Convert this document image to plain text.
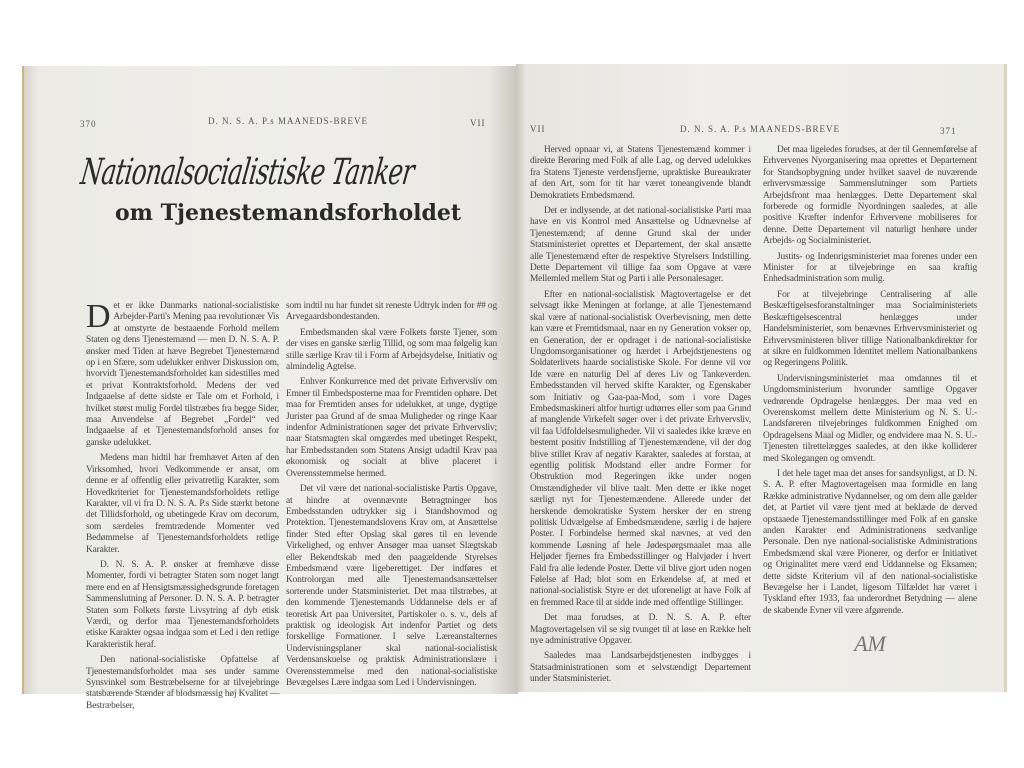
370	D. N. S. A. P.s MAANEDS-BREVE	VII
Nationalsocialistiske Tanker
om Tjenestemandsforholdet

Det er ikke Danmarks national-socialistiske Arbejder-Parti's Mening paa revolutionær Vis at omstyrte de bestaaende Forhold mellem Staten og dens Tjenestemænd — men D. N. S. A. P. ønsker med Tiden at hæve Begrebet Tjenestemænd op i en Sfære, som udelukker enhver Diskussion om, hvorvidt Tjenestemandsforholdet kan sidestilles med et privat Kontraktsforhold. Medens der ved Indgaaelse af dette sidste er Tale om et Forhold, i hvilket størst mulig Fordel tilstræbes fra begge Sider, maa Anvendelse af Begrebet „Fordel“ ved Indgaaelse af et Tjenestemandsforhold anses for ganske udelukket.

Medens man hidtil har fremhævet Arten af den Virksomhed, hvori Vedkommende er ansat, om denne er af offentlig eller privatretlig Karakter, som Hovedkriteriet for Tjenestemandsforholdets retlige Karakter, vil vi fra D. N. S. A. P.s Side stærkt betone det Tillidsforhold, og ubetingede Krav om decorum, som særdeles fremtrædende Momenter ved Bedømmelse af Tjenestemandsforholdets retlige Karakter.

D. N. S. A. P. ønsker at fremhæve disse Momenter, fordi vi betragter Staten som noget langt mere end en af Hensigtsmæssighedsgrunde foretagen Sammenslutning af Personer. D. N. S. A. P. betragter Staten som Folkets første Livsytring af dyb etisk Værdi, og derfor maa Tjenestemandsforholdets etiske Karakter ogsaa indgaa som et Led i den retlige Karakteristik heraf.

Den national-socialistiske Opfattelse af Tjenestemandsforholdet maa ses under samme Synsvinkel som Bestræbelserne for at tilvejebringe statsbærende Stænder af blodsmæssig høj Kvalitet — Bestræbelser,

som indtil nu har fundet sit reneste Udtryk inden for ## og Arvegaardsbondestanden.

Embedsmanden skal være Folkets første Tjener, som der vises en ganske særlig Tillid, og som maa følgelig kan stille særlige Krav til i Form af Arbejdsydelse, Initiativ og almindelig Agtelse.

Enhver Konkurrence med det private Erhvervsliv om Emner til Embedsposterne maa for Fremtiden ophøre. Det maa for Fremtiden anses for udelukket, at unge, dygtige Jurister paa Grund af de smaa Muligheder og ringe Kaar indenfor Administrationen søger det private Erhvervsliv; naar Statsmagten skal omgærdes med ubetinget Respekt, har Embedsstanden som Statens Ansigt udadtil Krav paa økonomisk og socialt at blive placeret i Overensstemmelse hermed.

Det vil være det national-socialistiske Partis Opgave, at hindre at ovennævnte Betragtninger hos Embedsstanden udtrykker sig i Standshovmod og Protektion. Tjenestemandslovens Krav om, at Ansættelse finder Sted efter Opslag skal gøres til en levende Virkelighed, og enhver Ansøger maa uanset Slægtskab eller Bekendtskab med den paagældende Styrelses Embedsmænd være ligeberettiget. Der indføres et Kontrolorgan med alle Tjenestemandsansættelser sorterende under Statsministeriet. Det maa tilstræbes, at den kommende Tjenestemands Uddannelse dels er af teoretisk Art paa Universitet, Partiskoler o. s. v., dels af praktisk og ideologisk Art indenfor Partiet og dets forskellige Formationer. I selve Læreanstalternes Undervisningsplaner skal national-socialistisk Verdensanskuelse og praktisk Administrationslære i Overensstemmelse med den national-socialistiske Bevægelses Lære indgaa som Led i Undervisningen.

VII	D. N. S. A. P.s MAANEDS-BREVE	371

Herved opnaar vi, at Statens Tjenestemænd kommer i direkte Berøring med Folk af alle Lag, og derved udelukkes fra Statens Tjeneste verdensfjerne, upraktiske Bureaukrater af den Art, som for tit har været toneangivende blandt Demokratiets Embedsmænd.

Det er indlysende, at det national-socialistiske Parti maa have en vis Kontrol med Ansættelse og Udnævnelse af Tjenestemænd; af denne Grund skal der under Statsministeriet oprettes et Departement, der skal ansætte alle Tjenestemænd efter de respektive Styrelsers Indstilling. Dette Departement vil tillige faa som Opgave at være Mellemled mellem Stat og Parti i alle Personalesager.

Efter en national-socialistisk Magtovertagelse er det selvsagt ikke Meningen at forlange, at alle Tjenestemænd skal være af national-socialistisk Overbevisning, men dette kan være et Fremtidsmaal, naar en ny Generation vokser op, en Generation, der er opdraget i de national-socialistiske Ungdomsorganisationer og hærdet i Arbejdstjenestens og Soldaterlivets haarde socialistiske Skole. For denne vil vor Ide være en naturlig Del af deres Liv og Tankeverden. Embedsstanden vil herved skifte Karakter, og Egenskaber som Initiativ og Gaa-paa-Mod, som i vore Dages Embedsmaskineri altfor hurtigt udtørres eller som paa Grund af manglende Virkefelt søger over i det private Erhvervsliv, vil faa Udfoldelsesmuligheder. Vil vi saaledes ikke kræve en bestemt positiv Indstilling af Tjenestemændene, vil der dog blive stillet Krav af negativ Karakter, saaledes at forstaa, at egentlig politisk Modstand eller andre Former for Obstruktion mod Regeringen ikke under nogen Omstændigheder vil blive taalt. Men dette er ikke noget særligt nyt for Tjenestemændene. Allerede under det herskende demokratiske System hersker der en streng politisk Udvælgelse af Embedsmændene, særlig i de højere Poster. I Forbindelse hermed skal nævnes, at ved den kommende Løsning af hele Jødespørgsmaalet maa alle Heljøder fjernes fra Embedsstillinger og Halvjøder i hvert Fald fra alle ledende Poster. Dette vil blive gjort uden nogen Følelse af Had; blot som en Erkendelse af, at med et national-socialistisk Styre er det uforeneligt at have Folk af en fremmed Race til at sidde inde med offentlige Stillinger.

Det maa forudses, at D. N. S. A. P. efter Magtovertagelsen vil se sig tvunget til at løse en Række helt nye administrative Opgaver.

Saaledes maa Landsarbejdstjenesten indbygges i Statsadministrationen som et selvstændigt Departement under Statsministeriet.

Det maa ligeledes forudses, at der til Gennemførelse af Erhvervenes Nyorganisering maa oprettes et Departement for Standsopbygning under hvilket saavel de nuværende erhvervsmæssige Sammenslutninger som Partiets Arbejdsfront maa henlægges. Dette Departement skal forberede og formidle Nyordningen saaledes, at alle positive Kræfter indenfor Erhvervene mobiliseres for denne. Dette Departement vil naturligt henhøre under Arbejds- og Socialministeriet.

Justits- og Indenrigsministeriet maa forenes under een Minister for at tilvejebringe en saa kraftig Enhedsadministration som mulig.

For at tilvejebringe Centralisering af alle Beskæftigelsesforanstaltninger maa Socialministeriets Beskæftigelsescentral henlægges under Handelsministeriet, som benævnes Erhvervsministeriet og Erhvervsministeren bliver tillige Nationalbankdirektør for at sikre en fuldkommen Identitet mellem Nationalbankens og Regeringens Politik.

Undervisningsministeriet maa omdannes til et Ungdomsministerium hvorunder samtlige Opgaver vedrørende Opdragelse henlægges. Der maa ved en Overenskomst mellem dette Ministerium og N. S. U.-Landsføreren tilvejebringes fuldkommen Enighed om Opdragelsens Maal og Midler, og endvidere maa N. S. U.-Tjenesten tilrettelægges saaledes, at den ikke kolliderer med Skolegangen og omvendt.

I det hele taget maa det anses for sandsynligst, at D. N. S. A. P. efter Magtovertagelsen maa formidle en lang Række administrative Nydannelser, og om dem alle gælder det, at Partiet vil være tjent med at beklæde de derved opstaaede Tjenestemandsstillinger med Folk af en ganske anden Karakter end Administrationens sædvanlige Personale. Den nye national-socialistiske Administrations Embedsmænd skal være Pionerer, og derfor er Initiativet og Originalitet mere værd end Uddannelse og Eksamen; dette sidste Kriterium vil af den national-socialistiske Bevægelse her i Landet, ligesom Tilfældet har været i Tyskland efter 1933, faa underordnet Betydning — alene de skabende Evner vil være afgørende.

AM
